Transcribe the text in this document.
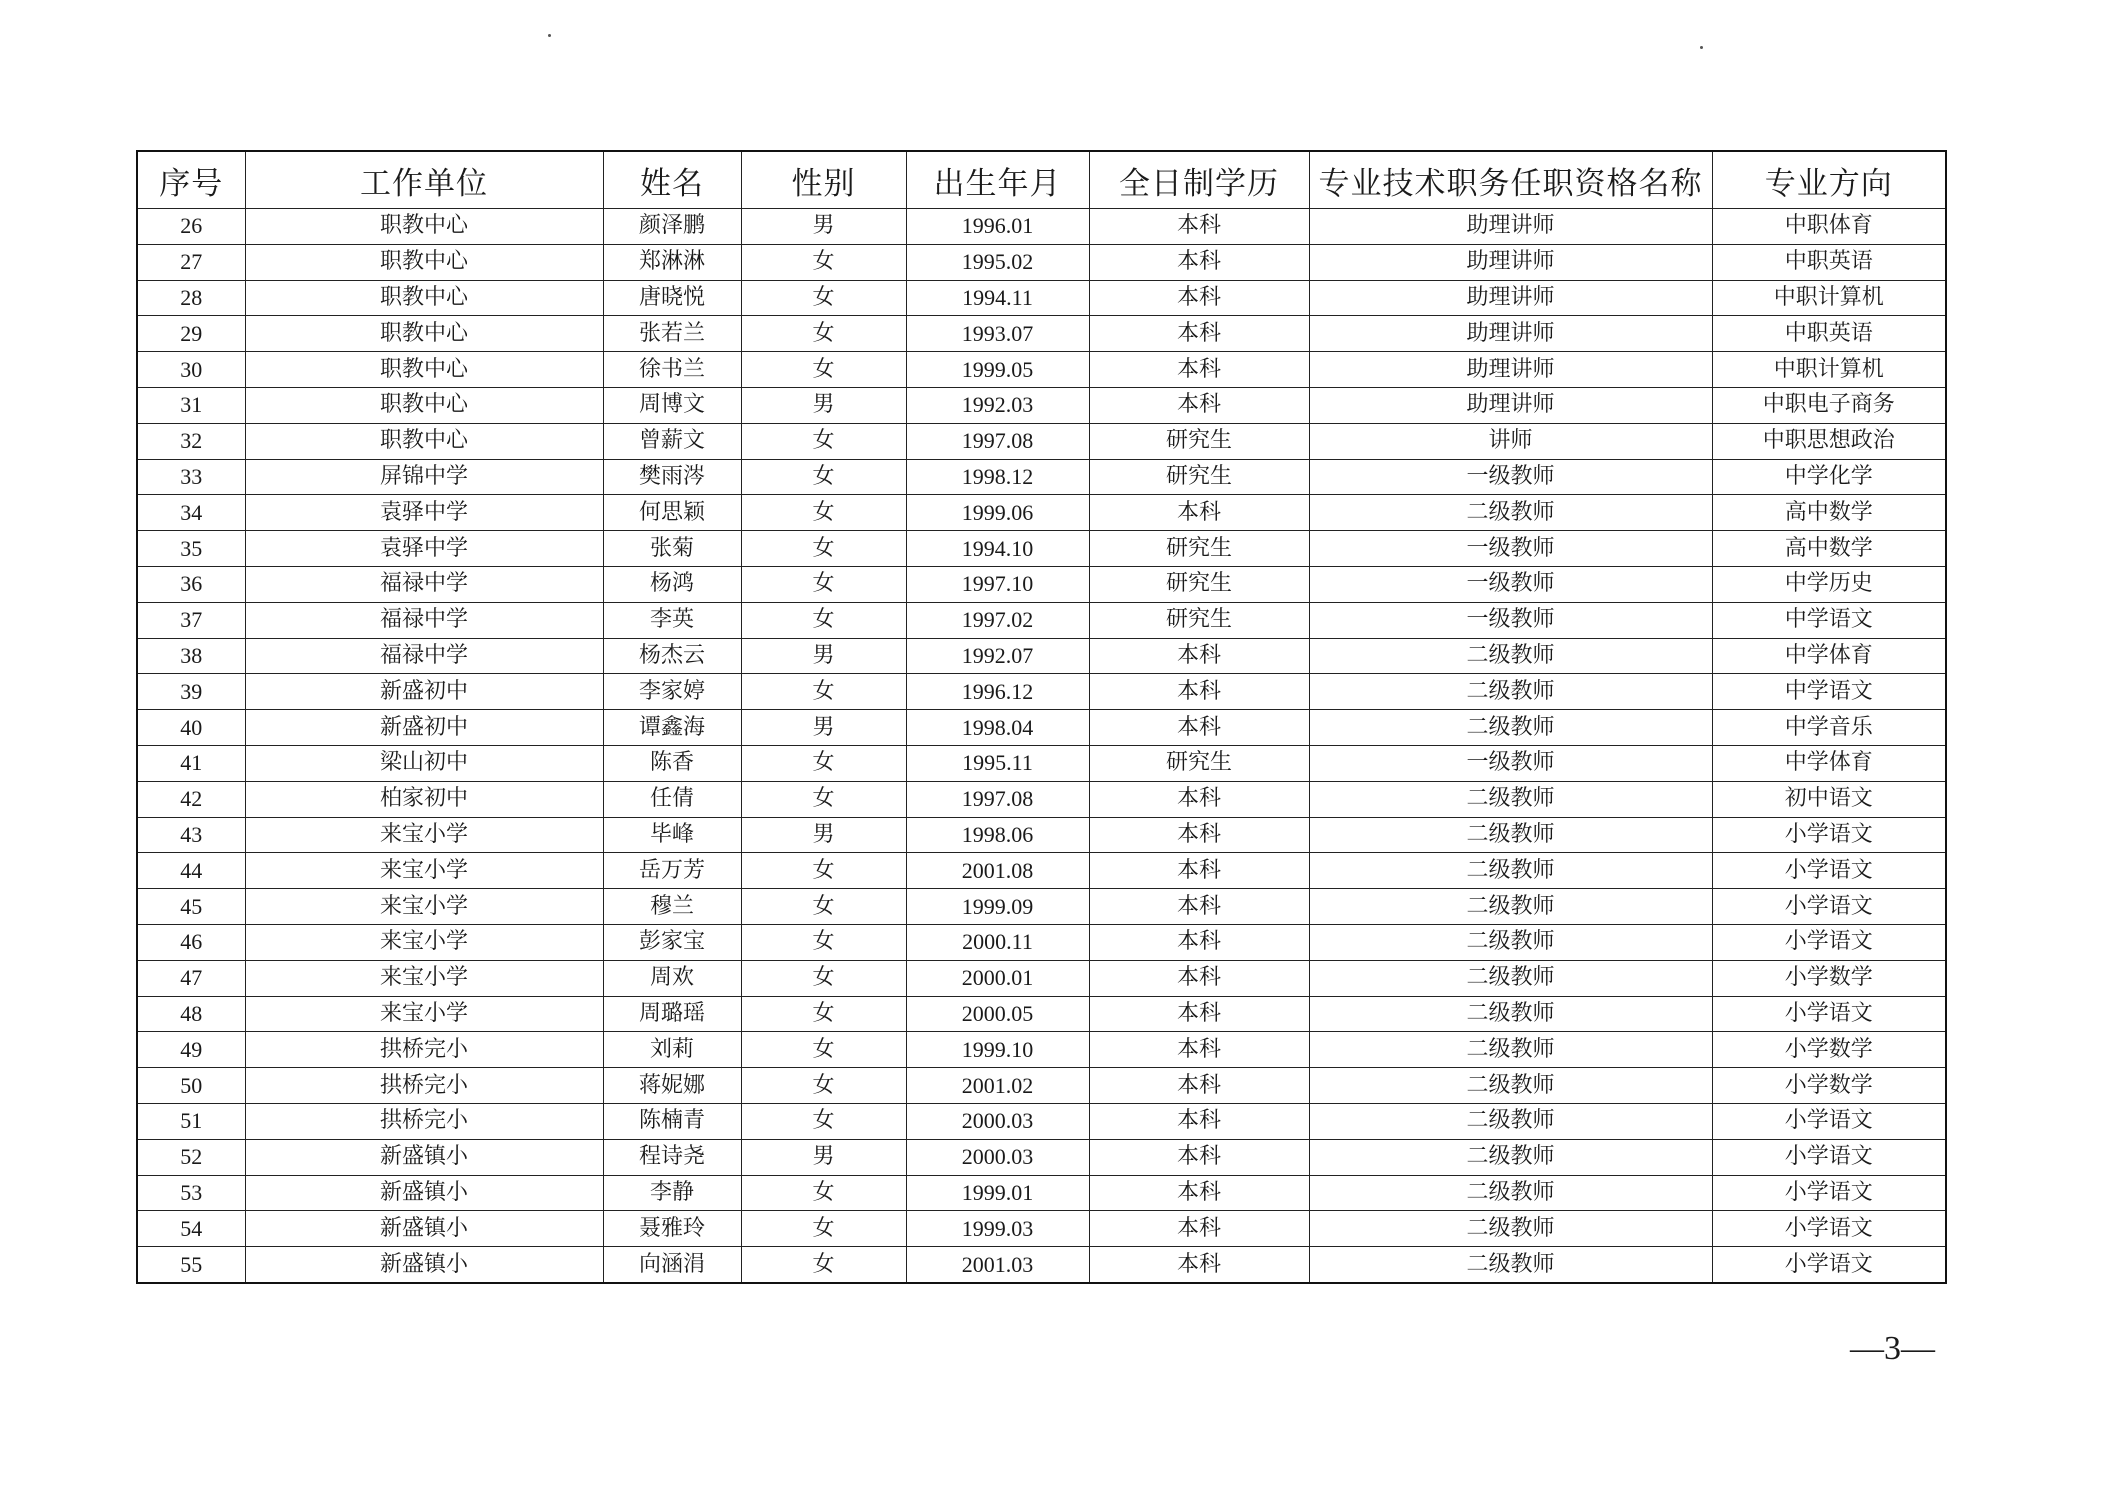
序号	工作单位	姓名	性别	出生年月	全日制学历	专业技术职务任职资格名称	专业方向
26	职教中心	颜泽鹏	男	1996.01	本科	助理讲师	中职体育
27	职教中心	郑淋淋	女	1995.02	本科	助理讲师	中职英语
28	职教中心	唐晓悦	女	1994.11	本科	助理讲师	中职计算机
29	职教中心	张若兰	女	1993.07	本科	助理讲师	中职英语
30	职教中心	徐书兰	女	1999.05	本科	助理讲师	中职计算机
31	职教中心	周博文	男	1992.03	本科	助理讲师	中职电子商务
32	职教中心	曾薪文	女	1997.08	研究生	讲师	中职思想政治
33	屏锦中学	樊雨涔	女	1998.12	研究生	一级教师	中学化学
34	袁驿中学	何思颖	女	1999.06	本科	二级教师	高中数学
35	袁驿中学	张菊	女	1994.10	研究生	一级教师	高中数学
36	福禄中学	杨鸿	女	1997.10	研究生	一级教师	中学历史
37	福禄中学	李英	女	1997.02	研究生	一级教师	中学语文
38	福禄中学	杨杰云	男	1992.07	本科	二级教师	中学体育
39	新盛初中	李家婷	女	1996.12	本科	二级教师	中学语文
40	新盛初中	谭鑫海	男	1998.04	本科	二级教师	中学音乐
41	梁山初中	陈香	女	1995.11	研究生	一级教师	中学体育
42	柏家初中	任倩	女	1997.08	本科	二级教师	初中语文
43	来宝小学	毕峰	男	1998.06	本科	二级教师	小学语文
44	来宝小学	岳万芳	女	2001.08	本科	二级教师	小学语文
45	来宝小学	穆兰	女	1999.09	本科	二级教师	小学语文
46	来宝小学	彭家宝	女	2000.11	本科	二级教师	小学语文
47	来宝小学	周欢	女	2000.01	本科	二级教师	小学数学
48	来宝小学	周璐瑶	女	2000.05	本科	二级教师	小学语文
49	拱桥完小	刘莉	女	1999.10	本科	二级教师	小学数学
50	拱桥完小	蒋妮娜	女	2001.02	本科	二级教师	小学数学
51	拱桥完小	陈楠青	女	2000.03	本科	二级教师	小学语文
52	新盛镇小	程诗尧	男	2000.03	本科	二级教师	小学语文
53	新盛镇小	李静	女	1999.01	本科	二级教师	小学语文
54	新盛镇小	聂雅玲	女	1999.03	本科	二级教师	小学语文
55	新盛镇小	向涵涓	女	2001.03	本科	二级教师	小学语文
—3—
